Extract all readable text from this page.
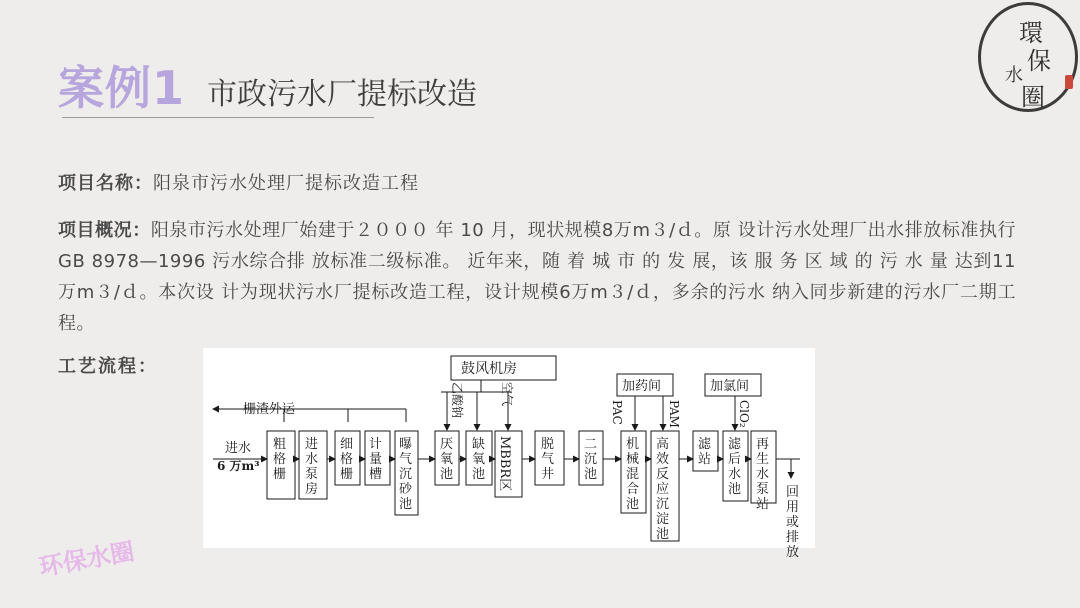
案例1 市政污水厂提标改造
環
保
水
圈
项目名称：阳泉市污水处理厂提标改造工程
项目概况：阳泉市污水处理厂始建于２０００ 年 10 月，现状规模8万m３/ｄ。原 设计污水处理厂出水排放标准执行GB 8978—1996 污水综合排 放标准二级标准。 近年来，随 着 城 市 的 发 展，该 服 务 区 域 的 污 水 量 达到11万m３/ｄ。本次设 计为现状污水厂提标改造工程，设计规模6万m３/ｄ，多余的污水 纳入同步新建的污水厂二期工程。
工艺流程：
栅渣外运
进水
6 万m³
鼓风机房
加药间	加氯间
乙酸钠	空气
PAC	PAM	ClO₂
粗格栅
进水泵房
细格栅
计量槽
曝气沉砂池
厌氧池
缺氧池 MBBR区 脱气井
二沉池
机械混合池
高效反应沉淀池
滤站
滤后水池
再生水泵站
回用或排放
环保水圈
